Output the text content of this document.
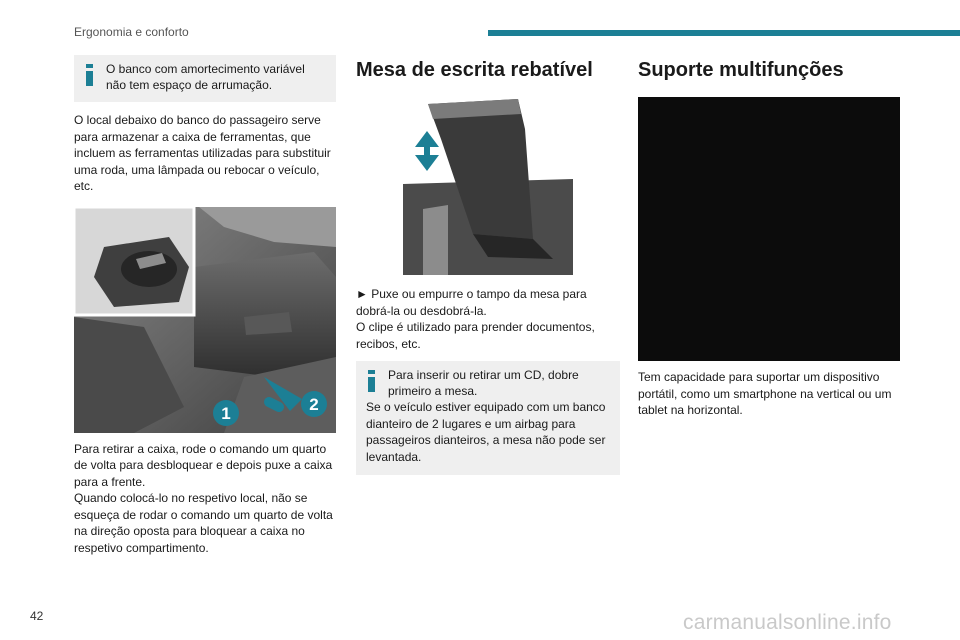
Ergonomia e conforto
O banco com amortecimento variável não tem espaço de arrumação.

O local debaixo do banco do passageiro serve para armazenar a caixa de ferramentas, que incluem as ferramentas utilizadas para substituir uma roda, uma lâmpada ou rebocar o veículo, etc.

1	2

Para retirar a caixa, rode o comando um quarto de volta para desbloquear e depois puxe a caixa para a frente.

Quando colocá-lo no respetivo local, não se esqueça de rodar o comando um quarto de volta na direção oposta para bloquear a caixa no respetivo compartimento.

Mesa de escrita rebatível

► Puxe ou empurre o tampo da mesa para dobrá-la ou desdobrá-la.

O clipe é utilizado para prender documentos, recibos, etc.

Para inserir ou retirar um CD, dobre primeiro a mesa.
Se o veículo estiver equipado com um banco dianteiro de 2 lugares e um airbag para passageiros dianteiros, a mesa não pode ser levantada.
Suporte multifunções

Tem capacidade para suportar um dispositivo portátil, como um smartphone na vertical ou um tablet na horizontal.

42	carmanualsonline.info
